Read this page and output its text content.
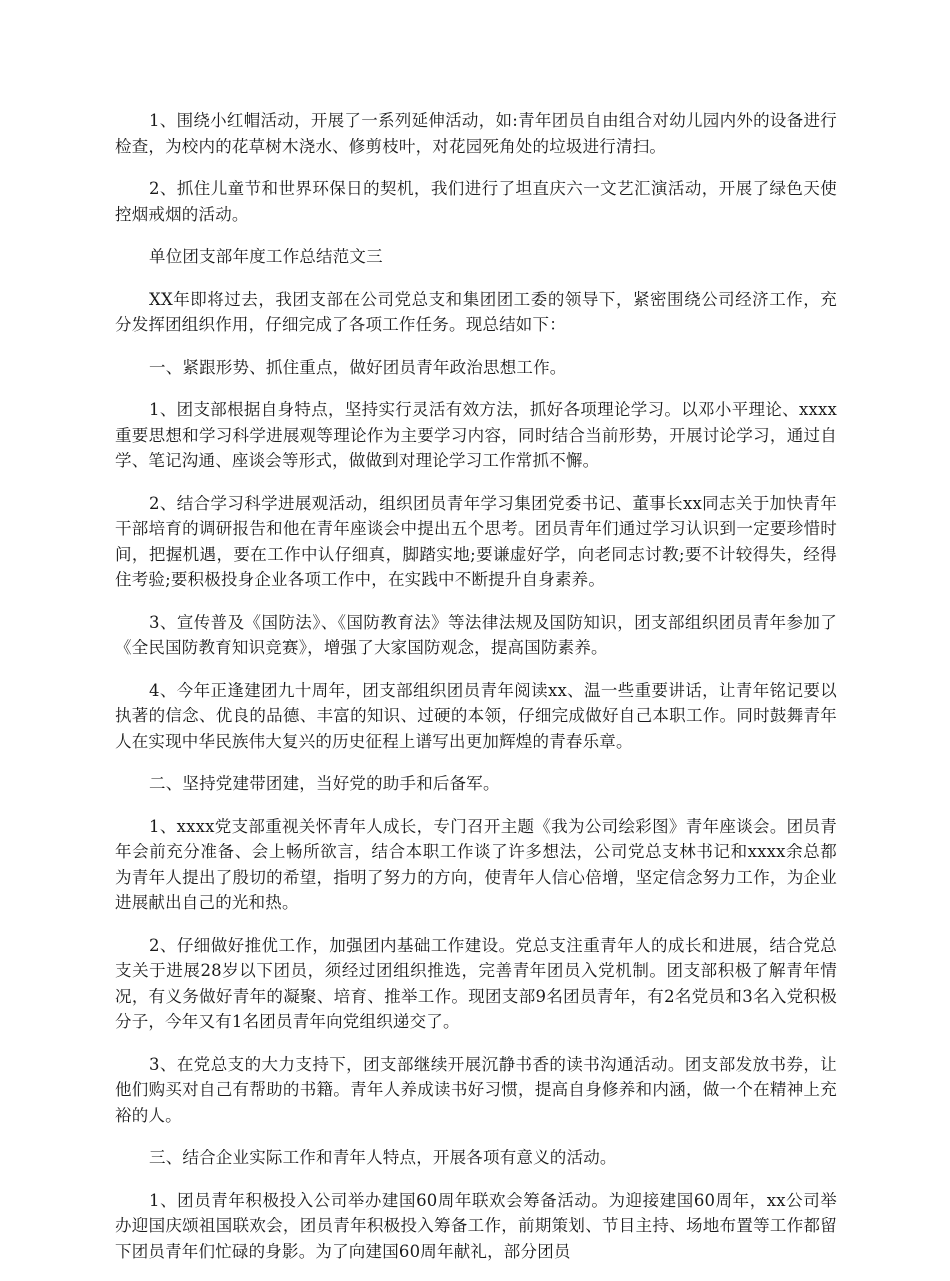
1、围绕小红帽活动，开展了一系列延伸活动，如:青年团员自由组合对幼儿园内外的设备进行检查，为校内的花草树木浇水、修剪枝叶，对花园死角处的垃圾进行清扫。

2、抓住儿童节和世界环保日的契机，我们进行了坦直庆六一文艺汇演活动，开展了绿色天使控烟戒烟的活动。

单位团支部年度工作总结范文三

XX年即将过去，我团支部在公司党总支和集团团工委的领导下，紧密围绕公司经济工作，充分发挥团组织作用，仔细完成了各项工作任务。现总结如下：

一、紧跟形势、抓住重点，做好团员青年政治思想工作。

1、团支部根据自身特点，坚持实行灵活有效方法，抓好各项理论学习。以邓小平理论、xxxx重要思想和学习科学进展观等理论作为主要学习内容，同时结合当前形势，开展讨论学习，通过自学、笔记沟通、座谈会等形式，做做到对理论学习工作常抓不懈。

2、结合学习科学进展观活动，组织团员青年学习集团党委书记、董事长xx同志关于加快青年干部培育的调研报告和他在青年座谈会中提出五个思考。团员青年们通过学习认识到一定要珍惜时间，把握机遇，要在工作中认仔细真，脚踏实地;要谦虚好学，向老同志讨教;要不计较得失，经得住考验;要积极投身企业各项工作中，在实践中不断提升自身素养。

3、宣传普及《国防法》、《国防教育法》等法律法规及国防知识，团支部组织团员青年参加了《全民国防教育知识竞赛》，增强了大家国防观念，提高国防素养。

4、今年正逢建团九十周年，团支部组织团员青年阅读xx、温一些重要讲话，让青年铭记要以执著的信念、优良的品德、丰富的知识、过硬的本领，仔细完成做好自己本职工作。同时鼓舞青年人在实现中华民族伟大复兴的历史征程上谱写出更加辉煌的青春乐章。

二、坚持党建带团建，当好党的助手和后备军。

1、xxxx党支部重视关怀青年人成长，专门召开主题《我为公司绘彩图》青年座谈会。团员青年会前充分准备、会上畅所欲言，结合本职工作谈了许多想法，公司党总支林书记和xxxx余总都为青年人提出了殷切的希望，指明了努力的方向，使青年人信心倍增，坚定信念努力工作，为企业进展献出自己的光和热。

2、仔细做好推优工作，加强团内基础工作建设。党总支注重青年人的成长和进展，结合党总支关于进展28岁以下团员，须经过团组织推选，完善青年团员入党机制。团支部积极了解青年情况，有义务做好青年的凝聚、培育、推举工作。现团支部9名团员青年，有2名党员和3名入党积极分子，今年又有1名团员青年向党组织递交了。

3、在党总支的大力支持下，团支部继续开展沉静书香的读书沟通活动。团支部发放书券，让他们购买对自己有帮助的书籍。青年人养成读书好习惯，提高自身修养和内涵，做一个在精神上充裕的人。

三、结合企业实际工作和青年人特点，开展各项有意义的活动。

1、团员青年积极投入公司举办建国60周年联欢会筹备活动。为迎接建国60周年，xx公司举办迎国庆颂祖国联欢会，团员青年积极投入筹备工作，前期策划、节目主持、场地布置等工作都留下团员青年们忙碌的身影。为了向建国60周年献礼，部分团员
